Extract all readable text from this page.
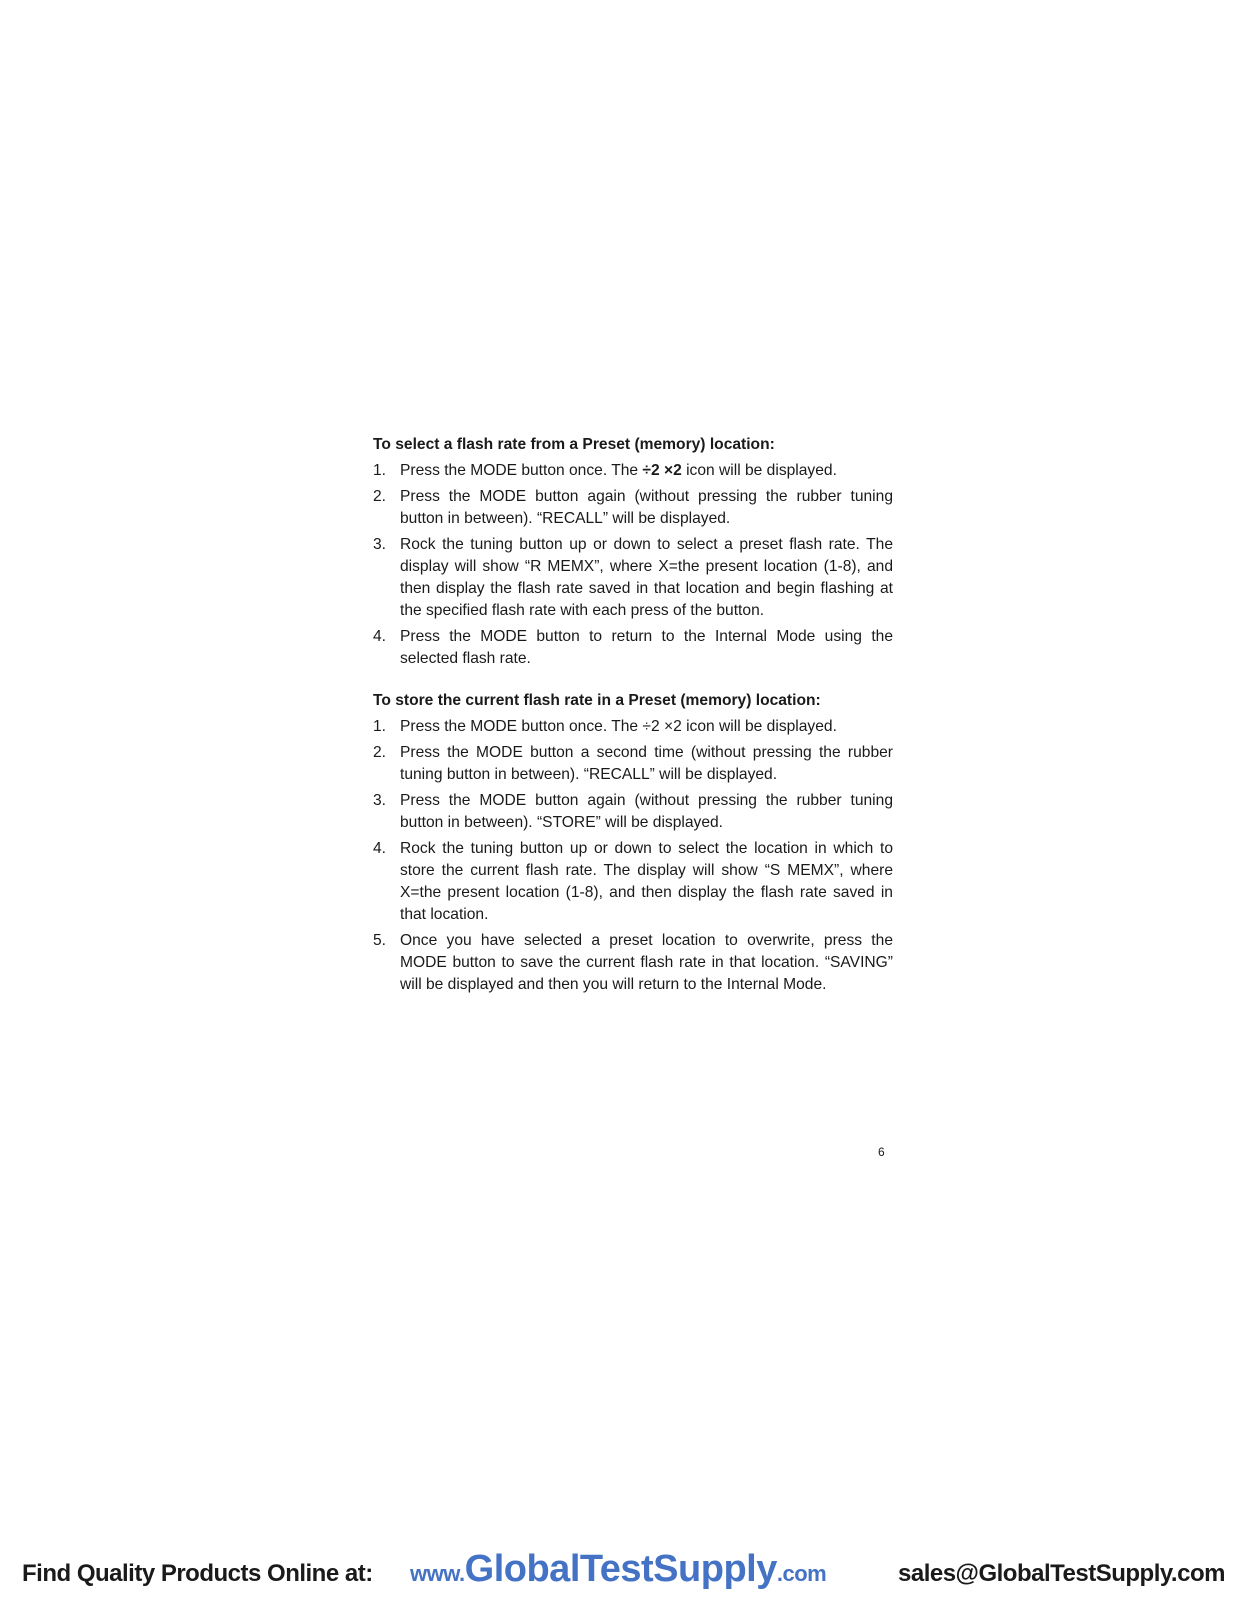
To select a flash rate from a Preset (memory) location:

1. Press the MODE button once. The ÷2 ×2 icon will be displayed.
2. Press the MODE button again (without pressing the rubber tuning button in between). “RECALL” will be displayed.
3. Rock the tuning button up or down to select a preset flash rate. The display will show “R MEMX”, where X=the present location (1-8), and then display the flash rate saved in that location and begin flashing at the specified flash rate with each press of the button.
4. Press the MODE button to return to the Internal Mode using the selected flash rate.

To store the current flash rate in a Preset (memory) location:

1. Press the MODE button once. The ÷2 ×2 icon will be displayed.
2. Press the MODE button a second time (without pressing the rubber tuning button in between). “RECALL” will be displayed.
3. Press the MODE button again (without pressing the rubber tuning button in between). “STORE” will be displayed.
4. Rock the tuning button up or down to select the location in which to store the current flash rate. The display will show “S MEMX”, where X=the present location (1-8), and then display the flash rate saved in that location.
5. Once you have selected a preset location to overwrite, press the MODE button to save the current flash rate in that location. “SAVING” will be displayed and then you will return to the Internal Mode.
6
Find Quality Products Online at: www.GlobalTestSupply.com	sales@GlobalTestSupply.com
